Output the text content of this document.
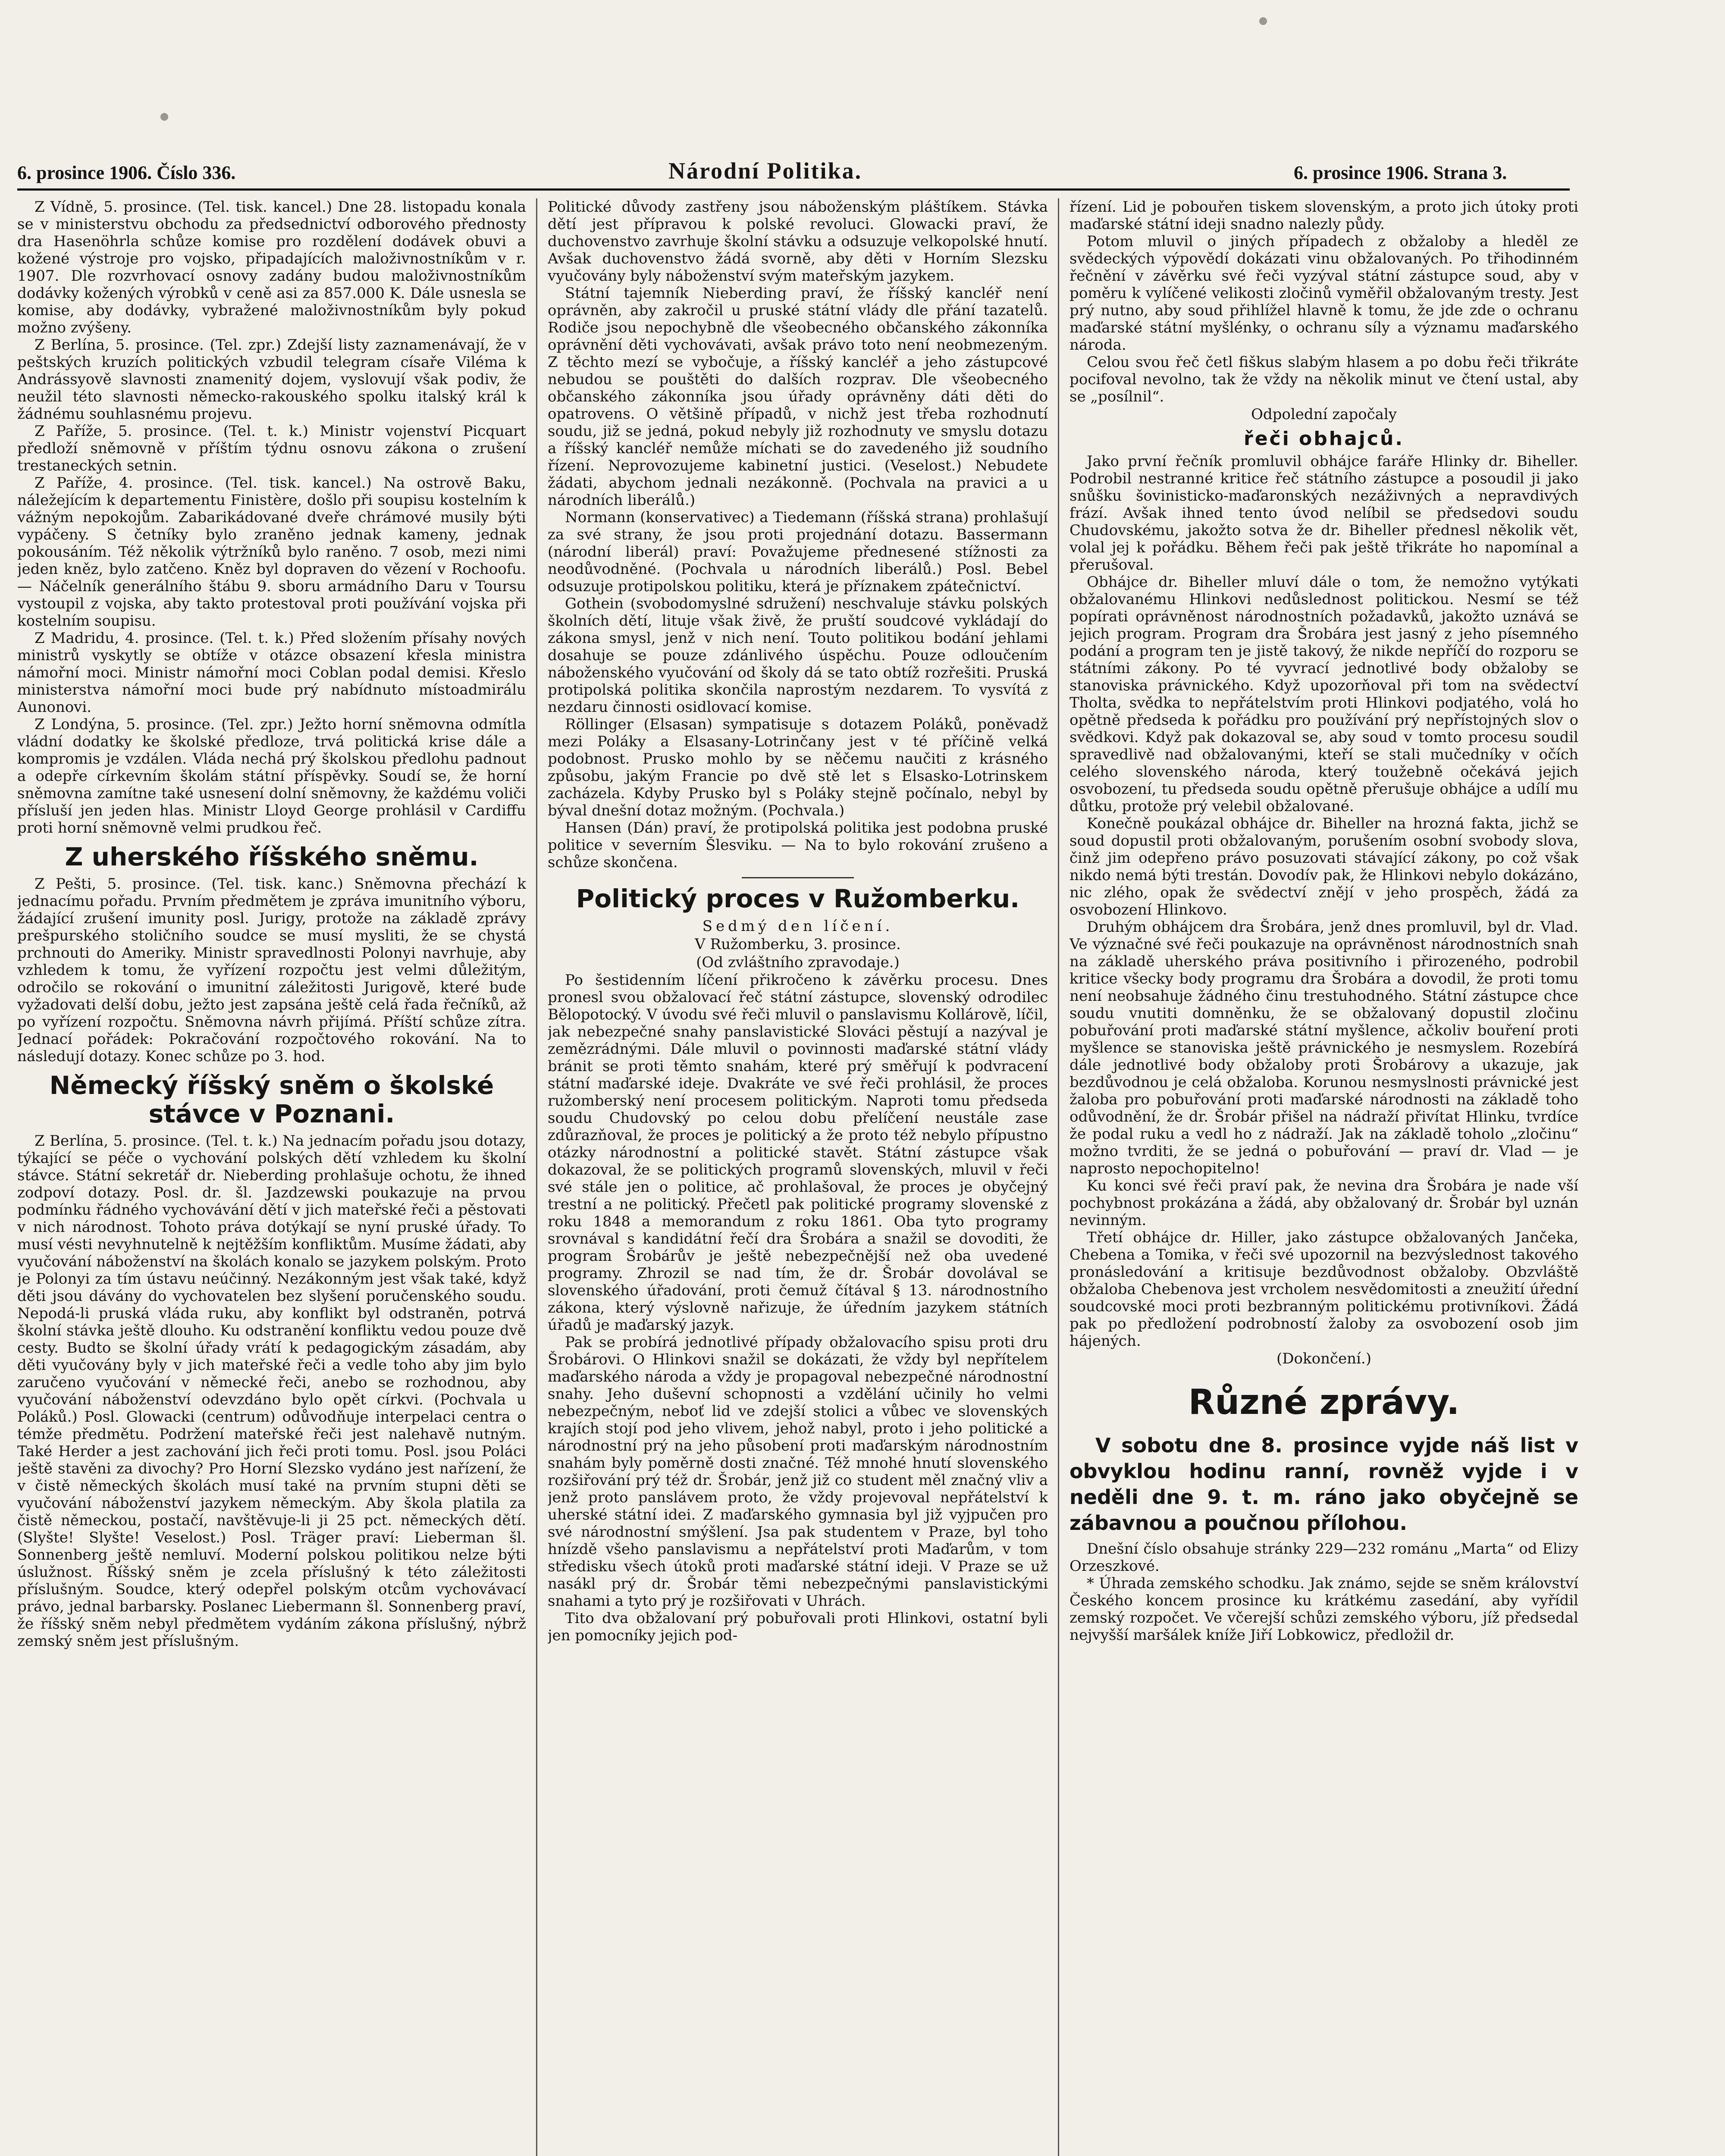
6. prosince 1906. Číslo 336.	Národní Politika.	6. prosince 1906. Strana 3.

Z Vídně, 5. prosince. (Tel. tisk. kancel.) Dne 28. listopadu konala se v ministerstvu obchodu za předsednictví odborového přednosty dra Hasenöhrla schůze komise pro rozdělení dodávek obuvi a kožené výstroje pro vojsko, připadajících maloživnostníkům v r. 1907. Dle rozvrhovací osnovy zadány budou maloživnostníkům dodávky kožených výrobků v ceně asi za 857.000 K. Dále usnesla se komise, aby dodávky, vybražené maloživnostníkům byly pokud možno zvýšeny.

Z Berlína, 5. prosince. (Tel. zpr.) Zdejší listy zaznamenávají, že v peštských kruzích politických vzbudil telegram císaře Viléma k Andrássyově slavnosti znamenitý dojem, vyslovují však podiv, že neužil této slavnosti německo-rakouského spolku italský král k žádnému souhlasnému projevu.

Z Paříže, 5. prosince. (Tel. t. k.) Ministr vojenství Picquart předloží sněmovně v příštím týdnu osnovu zákona o zrušení trestaneckých setnin.

Z Paříže, 4. prosince. (Tel. tisk. kancel.) Na ostrově Baku, náležejícím k departementu Finistère, došlo při soupisu kostelním k vážným nepokojům. Zabarikádované dveře chrámové musily býti vypáčeny. S četníky bylo zraněno jednak kameny, jednak pokousáním. Též několik výtržníků bylo raněno. 7 osob, mezi nimi jeden kněz, bylo zatčeno. Kněz byl dopraven do vězení v Rochoofu. — Náčelník generálního štábu 9. sboru armádního Daru v Toursu vystoupil z vojska, aby takto protestoval proti používání vojska při kostelním soupisu.

Z Madridu, 4. prosince. (Tel. t. k.) Před složením přísahy nových ministrů vyskytly se obtíže v otázce obsazení křesla ministra námořní moci. Ministr námořní moci Coblan podal demisi. Křeslo ministerstva námořní moci bude prý nabídnuto místoadmirálu Aunonovi.

Z Londýna, 5. prosince. (Tel. zpr.) Ježto horní sněmovna odmítla vládní dodatky ke školské předloze, trvá politická krise dále a kompromis je vzdálen. Vláda nechá prý školskou předlohu padnout a odepře církevním školám státní příspěvky. Soudí se, že horní sněmovna zamítne také usnesení dolní sněmovny, že každému voliči přísluší jen jeden hlas. Ministr Lloyd George prohlásil v Cardiffu proti horní sněmovně velmi prudkou řeč.

Z uherského říšského sněmu.

Z Pešti, 5. prosince. (Tel. tisk. kanc.) Sněmovna přechází k jednacímu pořadu. Prvním předmětem je zpráva imunitního výboru, žádající zrušení imunity posl. Jurigy, protože na základě zprávy prešpurského stoličního soudce se musí mysliti, že se chystá prchnouti do Ameriky. Ministr spravedlnosti Polonyi navrhuje, aby vzhledem k tomu, že vyřízení rozpočtu jest velmi důležitým, odročilo se rokování o imunitní záležitosti Jurigově, které bude vyžadovati delší dobu, ježto jest zapsána ještě celá řada řečníků, až po vyřízení rozpočtu. Sněmovna návrh přijímá. Příští schůze zítra. Jednací pořádek: Pokračování rozpočtového rokování. Na to následují dotazy. Konec schůze po 3. hod.

Německý říšský sněm o školské stávce v Poznani.

Z Berlína, 5. prosince. (Tel. t. k.) Na jednacím pořadu jsou dotazy, týkající se péče o vychování polských dětí vzhledem ku školní stávce. Státní sekretář dr. Nieberding prohlašuje ochotu, že ihned zodpoví dotazy. Posl. dr. šl. Jazdzewski poukazuje na prvou podmínku řádného vychovávání dětí v jich mateřské řeči a pěstovati v nich národnost. Tohoto práva dotýkají se nyní pruské úřady. To musí vésti nevyhnutelně k nejtěžším konfliktům. Musíme žádati, aby vyučování náboženství na školách konalo se jazykem polským. Proto je Polonyi za tím ústavu neúčinný. Nezákonným jest však také, když děti jsou dávány do vychovatelen bez slyšení poručenského soudu. Nepodá-li pruská vláda ruku, aby konflikt byl odstraněn, potrvá školní stávka ještě dlouho. Ku odstranění konfliktu vedou pouze dvě cesty. Budto se školní úřady vrátí k pedagogickým zásadám, aby děti vyučovány byly v jich mateřské řeči a vedle toho aby jim bylo zaručeno vyučování v německé řeči, anebo se rozhodnou, aby vyučování náboženství odevzdáno bylo opět církvi. (Pochvala u Poláků.) Posl. Glowacki (centrum) odůvodňuje interpelaci centra o témže předmětu. Podržení mateřské řeči jest nalehavě nutným. Také Herder a jest zachování jich řeči proti tomu. Posl. jsou Poláci ještě stavěni za divochy? Pro Horní Slezsko vydáno jest nařízení, že v čistě německých školách musí také na prvním stupni děti se vyučování náboženství jazykem německým. Aby škola platila za čistě německou, postačí, navštěvuje-li ji 25 pct. německých dětí. (Slyšte! Slyšte! Veselost.) Posl. Träger praví: Lieberman šl. Sonnenberg ještě nemluví. Moderní polskou politikou nelze býti úslužnost. Říšský sněm je zcela příslušný k této záležitosti příslušným. Soudce, který odepřel polským otcům vychovávací právo, jednal barbarsky. Poslanec Liebermann šl. Sonnenberg praví, že říšský sněm nebyl předmětem vydáním zákona příslušný, nýbrž zemský sněm jest příslušným.

Politické důvody zastřeny jsou náboženským pláštíkem. Stávka dětí jest přípravou k polské revoluci. Glowacki praví, že duchovenstvo zavrhuje školní stávku a odsuzuje velkopolské hnutí. Avšak duchovenstvo žádá svorně, aby děti v Horním Slezsku vyučovány byly náboženství svým mateřským jazykem.

Státní tajemník Nieberding praví, že říšský kancléř není oprávněn, aby zakročil u pruské státní vlády dle přání tazatelů. Rodiče jsou nepochybně dle všeobecného občanského zákonníka oprávnění děti vychovávati, avšak právo toto není neobmezeným. Z těchto mezí se vybočuje, a říšský kancléř a jeho zástupcové nebudou se pouštěti do dalších rozprav. Dle všeobecného občanského zákonníka jsou úřady oprávněny dáti děti do opatrovens. O většině případů, v nichž jest třeba rozhodnutí soudu, již se jedná, pokud nebyly již rozhodnuty ve smyslu dotazu a říšský kancléř nemůže míchati se do zavedeného již soudního řízení. Neprovozujeme kabinetní justici. (Veselost.) Nebudete žádati, abychom jednali nezákonně. (Pochvala na pravici a u národních liberálů.)

Normann (konservativec) a Tiedemann (říšská strana) prohlašují za své strany, že jsou proti projednání dotazu. Bassermann (národní liberál) praví: Považujeme přednesené stížnosti za neodůvodněné. (Pochvala u národních liberálů.) Posl. Bebel odsuzuje protipolskou politiku, která je příznakem zpátečnictví.

Gothein (svobodomyslné sdružení) neschvaluje stávku polských školních dětí, lituje však živě, že pruští soudcové vykládají do zákona smysl, jenž v nich není. Touto politikou bodání jehlami dosahuje se pouze zdánlivého úspěchu. Pouze odloučením náboženského vyučování od školy dá se tato obtíž rozřešiti. Pruská protipolská politika skončila naprostým nezdarem. To vysvítá z nezdaru činnosti osidlovací komise.

Röllinger (Elsasan) sympatisuje s dotazem Poláků, poněvadž mezi Poláky a Elsasany-Lotrinčany jest v té příčině velká podobnost. Prusko mohlo by se něčemu naučiti z krásného způsobu, jakým Francie po dvě stě let s Elsasko-Lotrinskem zacházela. Kdyby Prusko byl s Poláky stejně počínalo, nebyl by býval dnešní dotaz možným. (Pochvala.)

Hansen (Dán) praví, že protipolská politika jest podobna pruské politice v severním Šlesviku. — Na to bylo rokování zrušeno a schůze skončena.

Politický proces v Ružomberku.

Sedmý den líčení.

V Ružomberku, 3. prosince.

(Od zvláštního zpravodaje.)

Po šestidenním líčení přikročeno k závěrku procesu. Dnes pronesl svou obžalovací řeč státní zástupce, slovenský odrodilec Bělopotocký. V úvodu své řeči mluvil o panslavismu Kollárově, líčil, jak nebezpečné snahy panslavistické Slováci pěstují a nazýval je zemězrádnými. Dále mluvil o povinnosti maďarské státní vlády bránit se proti těmto snahám, které prý směřují k podvracení státní maďarské ideje. Dvakráte ve své řeči prohlásil, že proces ružomberský není procesem politickým. Naproti tomu předseda soudu Chudovský po celou dobu přelíčení neustále zase zdůrazňoval, že proces je politický a že proto též nebylo přípustno otázky národnostní a politické stavět. Státní zástupce však dokazoval, že se politických programů slovenských, mluvil v řeči své stále jen o politice, ač prohlašoval, že proces je obyčejný trestní a ne politický. Přečetl pak politické programy slovenské z roku 1848 a memorandum z roku 1861. Oba tyto programy srovnával s kandidátní řečí dra Šrobára a snažil se dovoditi, že program Šrobárův je ještě nebezpečnější než oba uvedené programy. Zhrozil se nad tím, že dr. Šrobár dovolával se slovenského úřadování, proti čemuž čítával § 13. národnostního zákona, který výslovně nařizuje, že úředním jazykem státních úřadů je maďarský jazyk.

Pak se probírá jednotlivé případy obžalovacího spisu proti dru Šrobárovi. O Hlinkovi snažil se dokázati, že vždy byl nepřítelem maďarského národa a vždy je propagoval nebezpečné národnostní snahy. Jeho duševní schopnosti a vzdělání učinily ho velmi nebezpečným, neboť lid ve zdejší stolici a vůbec ve slovenských krajích stojí pod jeho vlivem, jehož nabyl, proto i jeho politické a národnostní prý na jeho působení proti maďarským národnostním snahám byly poměrně dosti značné. Též mnohé hnutí slovenského rozšiřování prý též dr. Šrobár, jenž již co student měl značný vliv a jenž proto panslávem proto, že vždy projevoval nepřátelství k uherské státní idei. Z maďarského gymnasia byl již vyjpučen pro své národnostní smýšlení. Jsa pak studentem v Praze, byl toho hnízdě všeho panslavismu a nepřátelství proti Maďarům, v tom středisku všech útoků proti maďarské státní ideji. V Praze se už nasákl prý dr. Šrobár těmi nebezpečnými panslavistickými snahami a tyto prý je rozšiřovati v Uhrách.

Tito dva obžalovaní prý pobuřovali proti Hlinkovi, ostatní byli jen pomocníky jejich pod-

řízení. Lid je pobouřen tiskem slovenským, a proto jich útoky proti maďarské státní ideji snadno nalezly půdy.

Potom mluvil o jiných případech z obžaloby a hleděl ze svědeckých výpovědí dokázati vinu obžalovaných. Po třihodinném řečnění v závěrku své řeči vyzýval státní zástupce soud, aby v poměru k vylíčené velikosti zločinů vyměřil obžalovaným tresty. Jest prý nutno, aby soud přihlížel hlavně k tomu, že jde zde o ochranu maďarské státní myšlénky, o ochranu síly a významu maďarského národa.

Celou svou řeč četl fiškus slabým hlasem a po dobu řeči třikráte pocifoval nevolno, tak že vždy na několik minut ve čtení ustal, aby se „posílnil“.

Odpolední započaly

řeči obhajců.

Jako první řečník promluvil obhájce faráře Hlinky dr. Biheller. Podrobil nestranné kritice řeč státního zástupce a posoudil ji jako snůšku šovinisticko-maďaronských nezáživných a nepravdivých frází. Avšak ihned tento úvod nelíbil se předsedovi soudu Chudovskému, jakožto sotva že dr. Biheller přednesl několik vět, volal jej k pořádku. Během řeči pak ještě třikráte ho napomínal a přerušoval.

Obhájce dr. Biheller mluví dále o tom, že nemožno vytýkati obžalovanému Hlinkovi nedůslednost politickou. Nesmí se též popírati oprávněnost národnostních požadavků, jakožto uznává se jejich program. Program dra Šrobára jest jasný z jeho písemného podání a program ten je jistě takový, že nikde nepříčí do rozporu se státními zákony. Po té vyvrací jednotlivé body obžaloby se stanoviska právnického. Když upozorňoval při tom na svědectví Tholta, svědka to nepřátelstvím proti Hlinkovi podjatého, volá ho opětně předseda k pořádku pro používání prý nepřístojných slov o svědkovi. Když pak dokazoval se, aby soud v tomto procesu soudil spravedlivě nad obžalovanými, kteří se stali mučedníky v očích celého slovenského národa, který toužebně očekává jejich osvobození, tu předseda soudu opětně přerušuje obhájce a udílí mu důtku, protože prý velebil obžalované.

Konečně poukázal obhájce dr. Biheller na hrozná fakta, jichž se soud dopustil proti obžalovaným, porušením osobní svobody slova, činž jim odepřeno právo posuzovati stávající zákony, po což však nikdo nemá býti trestán. Dovodív pak, že Hlinkovi nebylo dokázáno, nic zlého, opak že svědectví znějí v jeho prospěch, žádá za osvobození Hlinkovo.

Druhým obhájcem dra Šrobára, jenž dnes promluvil, byl dr. Vlad. Ve význačné své řeči poukazuje na oprávněnost národnostních snah na základě uherského práva positivního i přirozeného, podrobil kritice všecky body programu dra Šrobára a dovodil, že proti tomu není neobsahuje žádného činu trestuhodného. Státní zástupce chce soudu vnutiti domněnku, že se obžalovaný dopustil zločinu pobuřování proti maďarské státní myšlence, ačkoliv bouření proti myšlence se stanoviska ještě právnického je nesmyslem. Rozebírá dále jednotlivé body obžaloby proti Šrobárovy a ukazuje, jak bezdůvodnou je celá obžaloba. Korunou nesmyslnosti právnické jest žaloba pro pobuřování proti maďarské národnosti na základě toho odůvodnění, že dr. Šrobár přišel na nádraží přivítat Hlinku, tvrdíce že podal ruku a vedl ho z nádraží. Jak na základě toholo „zločinu“ možno tvrditi, že se jedná o pobuřování — praví dr. Vlad — je naprosto nepochopitelno!

Ku konci své řeči praví pak, že nevina dra Šrobára je nade vší pochybnost prokázána a žádá, aby obžalovaný dr. Šrobár byl uznán nevinným.

Třetí obhájce dr. Hiller, jako zástupce obžalovaných Jančeka, Chebena a Tomika, v řeči své upozornil na bezvýslednost takového pronásledování a kritisuje bezdůvodnost obžaloby. Obzvláště obžaloba Chebenova jest vrcholem nesvědomitosti a zneužití úřední soudcovské moci proti bezbranným politickému protivníkovi. Žádá pak po předložení podrobností žaloby za osvobození osob jim hájených.

(Dokončení.)

Různé zprávy.

V sobotu dne 8. prosince vyjde náš list v obvyklou hodinu ranní, rovněž vyjde i v neděli dne 9. t. m. ráno jako obyčejně se zábavnou a poučnou přílohou.

Dnešní číslo obsahuje stránky 229—232 románu „Marta“ od Elizy Orzeszkové.

* Úhrada zemského schodku. Jak známo, sejde se sněm království Českého koncem prosince ku krátkému zasedání, aby vyřídil zemský rozpočet. Ve včerejší schůzi zemského výboru, jíž předsedal nejvyšší maršálek kníže Jiří Lobkowicz, předložil dr.
